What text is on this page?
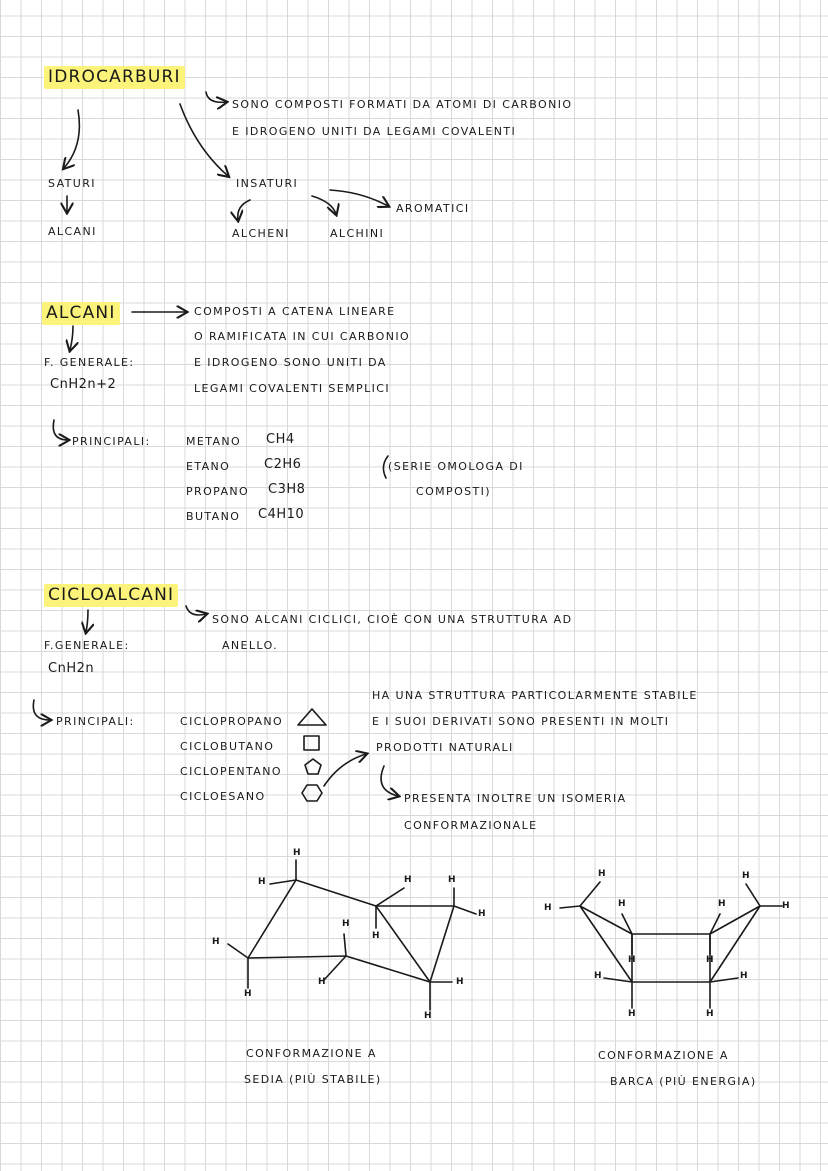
IDROCARBURI
SONO COMPOSTI FORMATI DA ATOMI DI CARBONIO
E IDROGENO UNITI DA LEGAMI COVALENTI
SATURI
ALCANI
INSATURI
AROMATICI
ALCHENI	ALCHINI
ALCANI	COMPOSTI A CATENA LINEARE
O RAMIFICATA IN CUI CARBONIO
E IDROGENO SONO UNITI DA
LEGAMI COVALENTI SEMPLICI
F. GENERALE:
CnH2n+2
PRINCIPALI:	METANO CH4
ETANO	C2H6
PROPANO C3H8
BUTANO C4H10
(SERIE OMOLOGA DI
COMPOSTI)
CICLOALCANI
SONO ALCANI CICLICI, CIOÈ CON UNA STRUTTURA AD
ANELLO.
F.GENERALE:
CnH2n
PRINCIPALI:	CICLOPROPANO
CICLOBUTANO
CICLOPENTANO
CICLOESANO
HA UNA STRUTTURA PARTICOLARMENTE STABILE
E I SUOI DERIVATI SONO PRESENTI IN MOLTI
PRODOTTI NATURALI
PRESENTA INOLTRE UN ISOMERIA
CONFORMAZIONALE
H
H	H	H
H
H
H
H
H	H
H
H
H	H
H	H
H	H
H	H
H	H
H	H
CONFORMAZIONE A
SEDIA (PIÙ STABILE)
CONFORMAZIONE A
BARCA (PIÙ ENERGIA)
